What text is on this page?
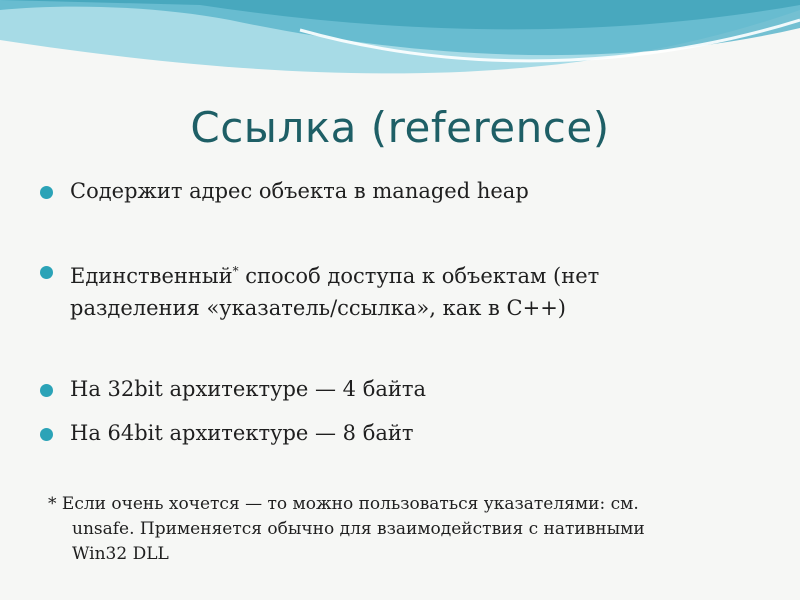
Ссылка (reference)
Содержит адрес объекта в managed heap
Единственный* способ доступа к объектам (нет
разделения «указатель/ссылка», как в C++)
На 32bit архитектуре — 4 байта
На 64bit архитектуре — 8 байт
* Если очень хочется — то можно пользоваться указателями: см.
unsafe. Применяется обычно для взаимодействия с нативными
Win32 DLL
